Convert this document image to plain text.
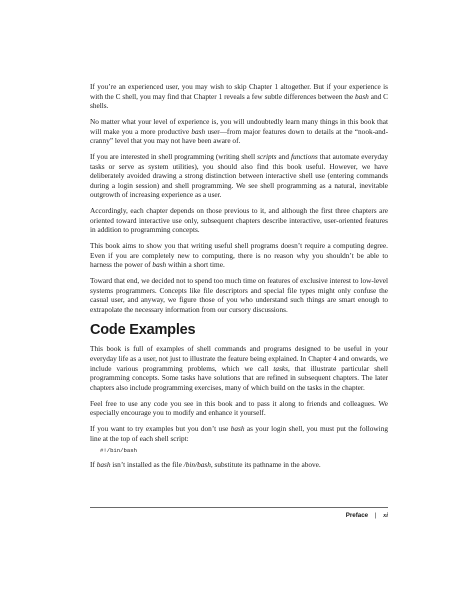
If you’re an experienced user, you may wish to skip Chapter 1 altogether. But if your experience is with the C shell, you may find that Chapter 1 reveals a few subtle differences between the bash and C shells.

No matter what your level of experience is, you will undoubtedly learn many things in this book that will make you a more productive bash user—from major features down to details at the “nook-and-cranny” level that you may not have been aware of.

If you are interested in shell programming (writing shell scripts and functions that automate everyday tasks or serve as system utilities), you should also find this book useful. However, we have deliberately avoided drawing a strong distinction between interactive shell use (entering commands during a login session) and shell programming. We see shell programming as a natural, inevitable outgrowth of increasing experience as a user.

Accordingly, each chapter depends on those previous to it, and although the first three chapters are oriented toward interactive use only, subsequent chapters describe interactive, user-oriented features in addition to programming concepts.

This book aims to show you that writing useful shell programs doesn’t require a computing degree. Even if you are completely new to computing, there is no reason why you shouldn’t be able to harness the power of bash within a short time.

Toward that end, we decided not to spend too much time on features of exclusive interest to low-level systems programmers. Concepts like file descriptors and special file types might only confuse the casual user, and anyway, we figure those of you who understand such things are smart enough to extrapolate the necessary information from our cursory discussions.

Code Examples

This book is full of examples of shell commands and programs designed to be useful in your everyday life as a user, not just to illustrate the feature being explained. In Chapter 4 and onwards, we include various programming problems, which we call tasks, that illustrate particular shell programming concepts. Some tasks have solutions that are refined in subsequent chapters. The later chapters also include programming exercises, many of which build on the tasks in the chapter.

Feel free to use any code you see in this book and to pass it along to friends and colleagues. We especially encourage you to modify and enhance it yourself.

If you want to try examples but you don’t use bash as your login shell, you must put the following line at the top of each shell script:

#!/bin/bash

If bash isn’t installed as the file /bin/bash, substitute its pathname in the above.

Preface | xi
